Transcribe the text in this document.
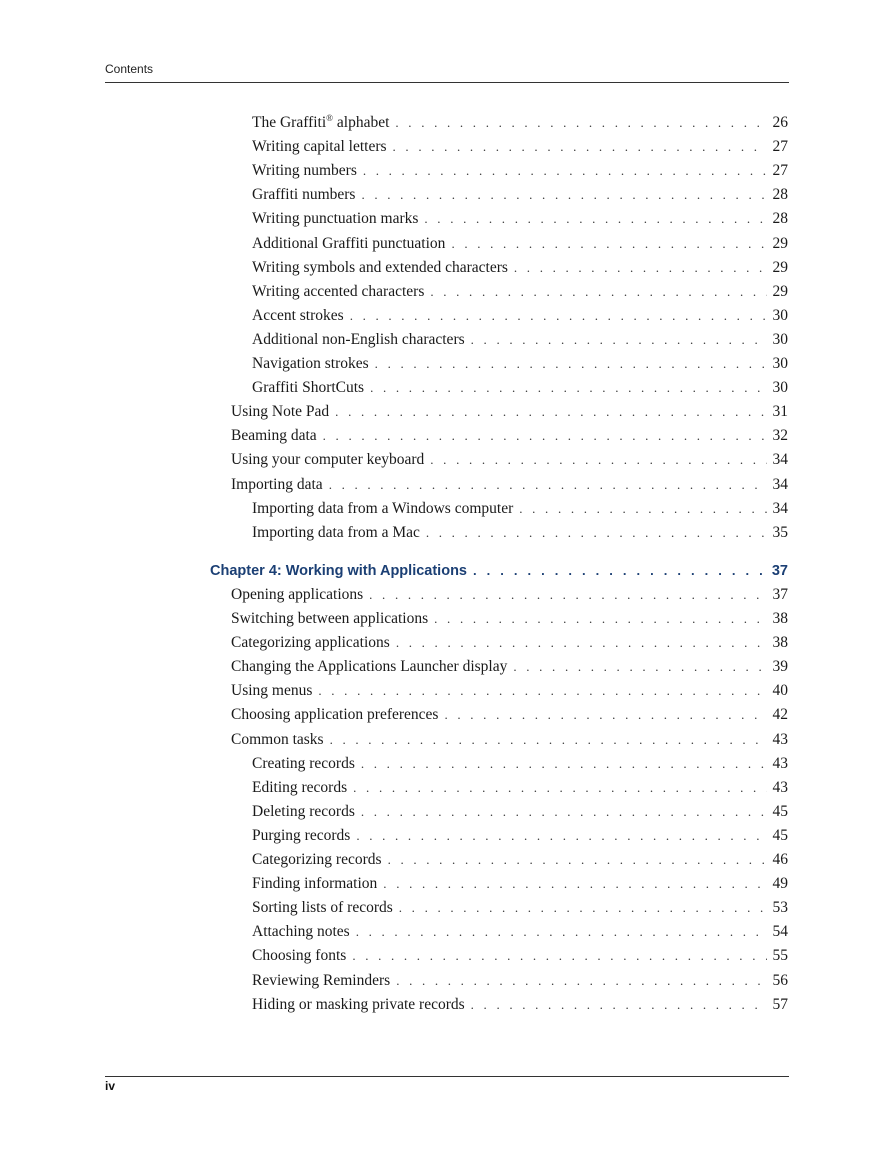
Contents
The Graffiti® alphabet . . .	26
Writing capital letters . . .	27
Writing numbers . . .	27
Graffiti numbers . . .	28
Writing punctuation marks . . .	28
Additional Graffiti punctuation . . .	29
Writing symbols and extended characters . . .	29
Writing accented characters . . .	29
Accent strokes . . .	30
Additional non-English characters . . .	30
Navigation strokes . . .	30
Graffiti ShortCuts . . .	30
Using Note Pad . . .	31
Beaming data . . .	32
Using your computer keyboard . . .	34
Importing data . . .	34
Importing data from a Windows computer . . .	34
Importing data from a Mac . . .	35
Chapter 4: Working with Applications . . .	37
Opening applications . . .	37
Switching between applications . . .	38
Categorizing applications . . .	38
Changing the Applications Launcher display . . .	39
Using menus . . .	40
Choosing application preferences . . .	42
Common tasks . . .	43
Creating records . . .	43
Editing records . . .	43
Deleting records . . .	45
Purging records . . .	45
Categorizing records . . .	46
Finding information . . .	49
Sorting lists of records . . .	53
Attaching notes . . .	54
Choosing fonts . . .	55
Reviewing Reminders . . .	56
Hiding or masking private records . . .	57
iv
